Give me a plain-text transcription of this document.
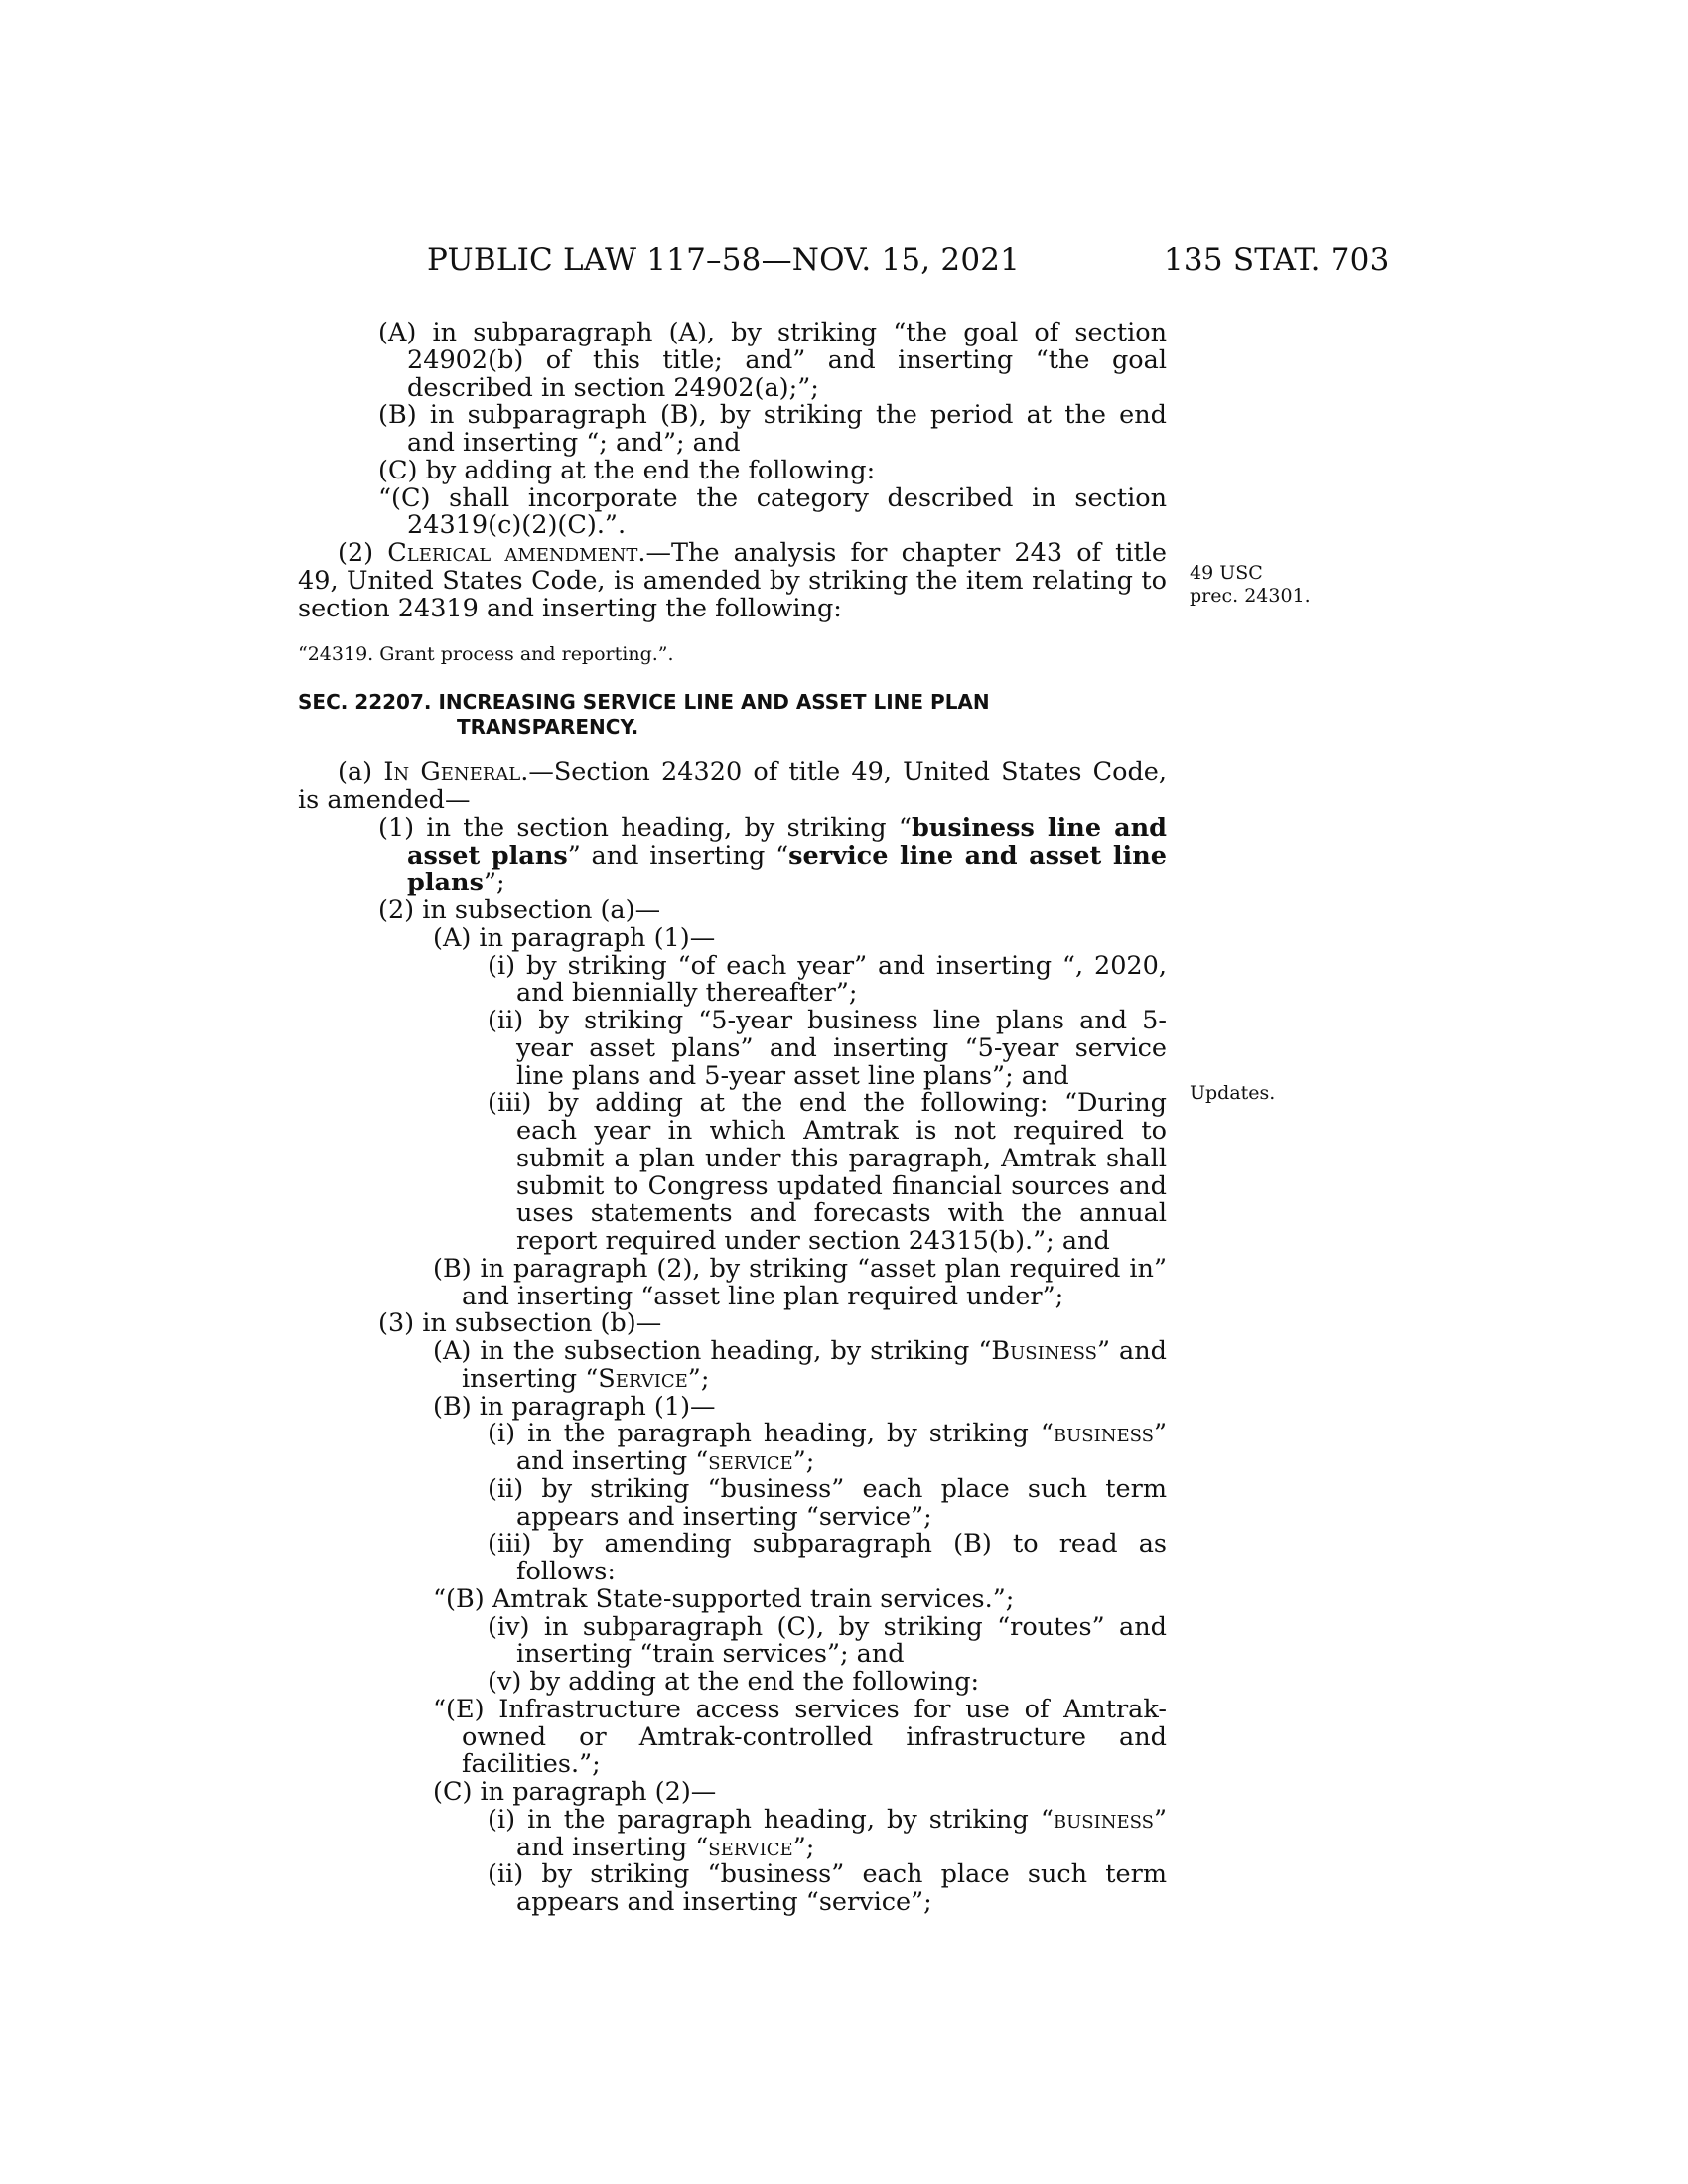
PUBLIC LAW 117–58—NOV. 15, 2021	135 STAT. 703
49 USC
prec. 24301.
Updates.

(A) in subparagraph (A), by striking “the goal of section 24902(b) of this title; and” and inserting “the goal described in section 24902(a);”;

(B) in subparagraph (B), by striking the period at the end and inserting “; and”; and

(C) by adding at the end the following:

“(C) shall incorporate the category described in section 24319(c)(2)(C).”.

(2) Clerical amendment.—The analysis for chapter 243 of title 49, United States Code, is amended by striking the item relating to section 24319 and inserting the following:

“24319. Grant process and reporting.”.

SEC. 22207. INCREASING SERVICE LINE AND ASSET LINE PLAN TRANSPARENCY.

(a) In General.—Section 24320 of title 49, United States Code, is amended—

(1) in the section heading, by striking “business line and asset plans” and inserting “service line and asset line plans”;

(2) in subsection (a)—

(A) in paragraph (1)—

(i) by striking “of each year” and inserting “, 2020, and biennially thereafter”;

(ii) by striking “5-year business line plans and 5-year asset plans” and inserting “5-year service line plans and 5-year asset line plans”; and

(iii) by adding at the end the following: “During each year in which Amtrak is not required to submit a plan under this paragraph, Amtrak shall submit to Congress updated financial sources and uses statements and forecasts with the annual report required under section 24315(b).”; and

(B) in paragraph (2), by striking “asset plan required in” and inserting “asset line plan required under”;

(3) in subsection (b)—

(A) in the subsection heading, by striking “Business” and inserting “Service”;

(B) in paragraph (1)—

(i) in the paragraph heading, by striking “business” and inserting “service”;

(ii) by striking “business” each place such term appears and inserting “service”;

(iii) by amending subparagraph (B) to read as follows:

“(B) Amtrak State-supported train services.”;

(iv) in subparagraph (C), by striking “routes” and inserting “train services”; and

(v) by adding at the end the following:

“(E) Infrastructure access services for use of Amtrak-owned or Amtrak-controlled infrastructure and facilities.”;

(C) in paragraph (2)—

(i) in the paragraph heading, by striking “business” and inserting “service”;

(ii) by striking “business” each place such term appears and inserting “service”;
